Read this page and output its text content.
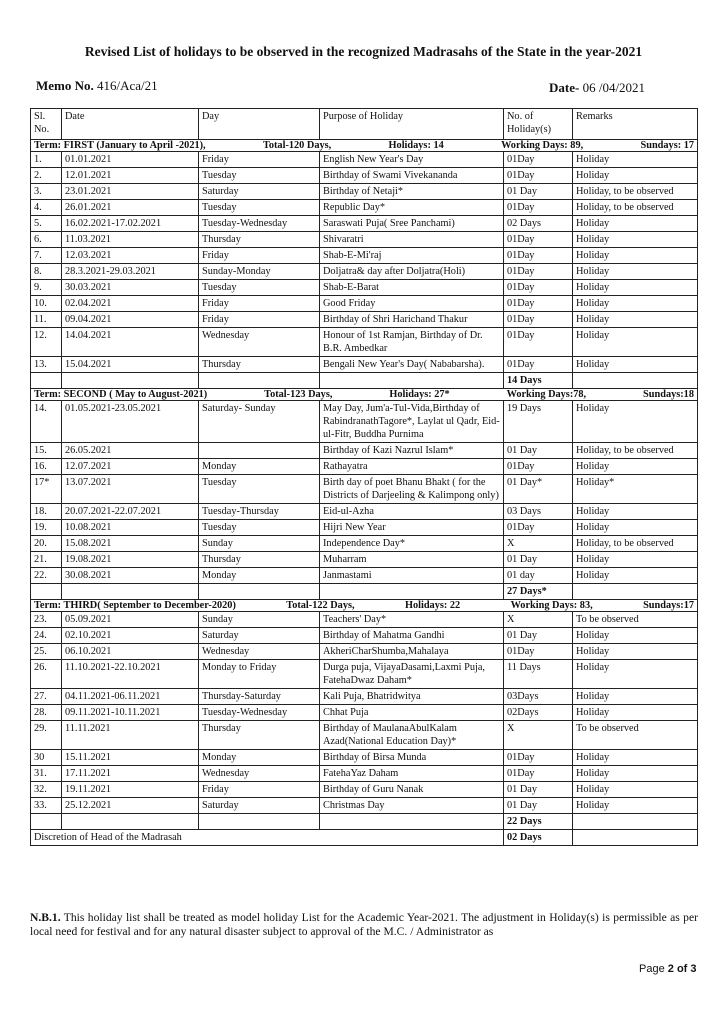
Revised List of holidays to be observed in the recognized Madrasahs of the State in the year-2021
Memo No. 416/Aca/21	Date- 06 /04/2021
Sl. No.	Date	Day	Purpose of Holiday	No. of Holiday(s)	Remarks

Term: FIRST (January to April -2021), Total-120 Days, Holidays: 14 Working Days: 89, Sundays: 17					

1.	01.01.2021	Friday	English New Year's Day	01Day	Holiday
2.	12.01.2021	Tuesday	Birthday of Swami Vivekananda	01Day	Holiday
3.	23.01.2021	Saturday	Birthday of Netaji*	01 Day	Holiday, to be observed
4.	26.01.2021	Tuesday	Republic Day*	01Day	Holiday, to be observed
5.	16.02.2021-17.02.2021	Tuesday-Wednesday	Saraswati Puja( Sree Panchami)	02 Days	Holiday
6.	11.03.2021	Thursday	Shivaratri	01Day	Holiday
7.	12.03.2021	Friday	Shab-E-Mi'raj	01Day	Holiday
8.	28.3.2021-29.03.2021	Sunday-Monday	Doljatra& day after Doljatra(Holi)	01Day	Holiday
9.	30.03.2021	Tuesday	Shab-E-Barat	01Day	Holiday
10.	02.04.2021	Friday	Good Friday	01Day	Holiday
11.	09.04.2021	Friday	Birthday of Shri Harichand Thakur	01Day	Holiday
12.	14.04.2021	Wednesday	Honour of 1st Ramjan, Birthday of Dr. B.R. Ambedkar	01Day	Holiday
13.	15.04.2021	Thursday	Bengali New Year's Day( Nababarsha).	01Day	Holiday
				14 Days	

Term: SECOND ( May to August-2021) Total-123 Days, Holidays: 27* Working Days:78, Sundays:18					

14.	01.05.2021-23.05.2021	Saturday- Sunday	May Day, Jum'a-Tul-Vida,Birthday of RabindranathTagore*, Laylat ul Qadr, Eid-ul-Fitr, Buddha Purnima	19 Days	Holiday
15.	26.05.2021		Birthday of Kazi Nazrul Islam*	01 Day	Holiday, to be observed
16.	12.07.2021	Monday	Rathayatra	01Day	Holiday
17*	13.07.2021	Tuesday	Birth day of poet Bhanu Bhakt ( for the Districts of Darjeeling & Kalimpong only)	01 Day*	Holiday*
18.	20.07.2021-22.07.2021	Tuesday-Thursday	Eid-ul-Azha	03 Days	Holiday
19.	10.08.2021	Tuesday	Hijri New Year	01Day	Holiday
20.	15.08.2021	Sunday	Independence Day*	X	Holiday, to be observed
21.	19.08.2021	Thursday	Muharram	01 Day	Holiday
22.	30.08.2021	Monday	Janmastami	01 day	Holiday
				27 Days*	

Term: THIRD( September to December-2020) Total-122 Days, Holidays: 22 Working Days: 83, Sundays:17					

23.	05.09.2021	Sunday	Teachers' Day*	X	To be observed
24.	02.10.2021	Saturday	Birthday of Mahatma Gandhi	01 Day	Holiday
25.	06.10.2021	Wednesday	AkheriCharShumba,Mahalaya	01Day	Holiday
26.	11.10.2021-22.10.2021	Monday to Friday	Durga puja, VijayaDasami,Laxmi Puja, FatehaDwaz Daham*	11 Days	Holiday
27.	04.11.2021-06.11.2021	Thursday-Saturday	Kali Puja, Bhatridwitya	03Days	Holiday
28.	09.11.2021-10.11.2021	Tuesday-Wednesday	Chhat Puja	02Days	Holiday
29.	11.11.2021	Thursday	Birthday of MaulanaAbulKalam Azad(National Education Day)*	X	To be observed
30	15.11.2021	Monday	Birthday of Birsa Munda	01Day	Holiday
31.	17.11.2021	Wednesday	FatehaYaz Daham	01Day	Holiday
32.	19.11.2021	Friday	Birthday of Guru Nanak	01 Day	Holiday
33.	25.12.2021	Saturday	Christmas Day	01 Day	Holiday
				22 Days	
Discretion of Head of the Madrasah				02 Days	
N.B.1. This holiday list shall be treated as model holiday List for the Academic Year-2021. The adjustment in Holiday(s) is permissible as per local need for festival and for any natural disaster subject to approval of the M.C. / Administrator as
Page 2 of 3
